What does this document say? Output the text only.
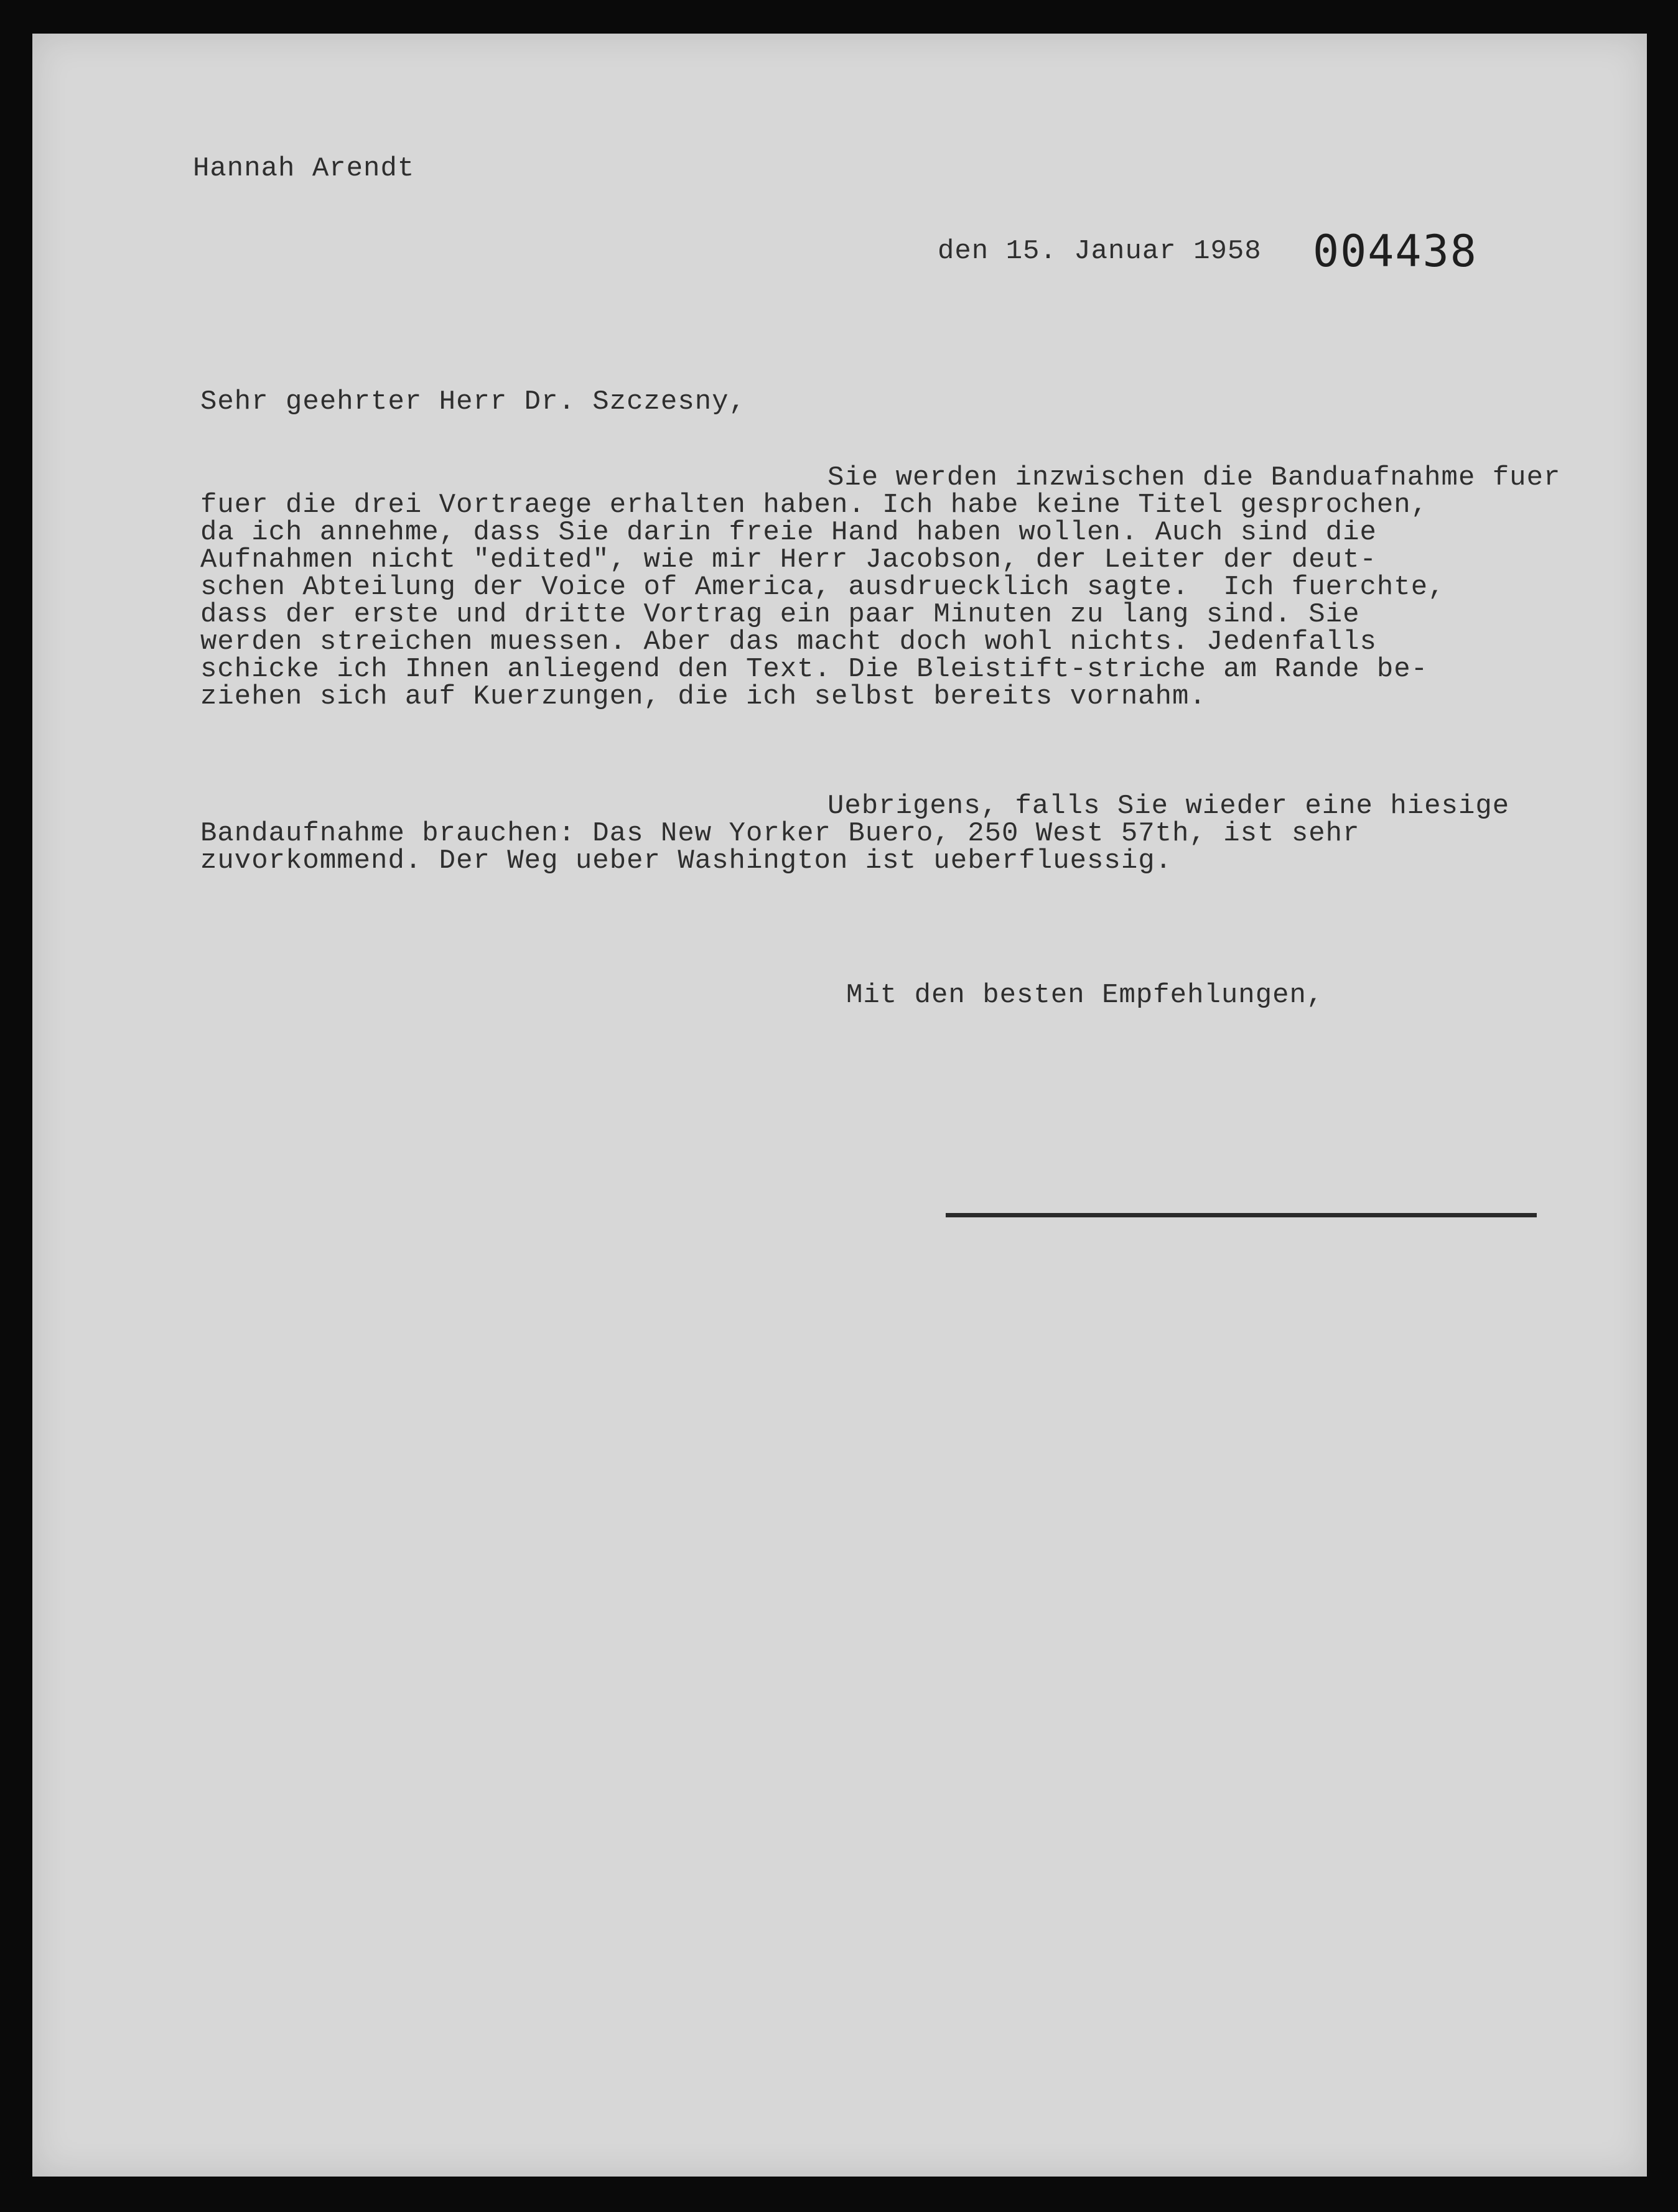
Hannah Arendt
den 15. Januar 1958 004438
Sehr geehrter Herr Dr. Szczesny,
Sie werden inzwischen die Banduafnahme fuer
fuer die drei Vortraege erhalten haben. Ich habe keine Titel gesprochen,
da ich annehme, dass Sie darin freie Hand haben wollen. Auch sind die
Aufnahmen nicht "edited", wie mir Herr Jacobson, der Leiter der deut-
schen Abteilung der Voice of America, ausdruecklich sagte.  Ich fuerchte,
dass der erste und dritte Vortrag ein paar Minuten zu lang sind. Sie
werden streichen muessen. Aber das macht doch wohl nichts. Jedenfalls
schicke ich Ihnen anliegend den Text. Die Bleistift-striche am Rande be-
ziehen sich auf Kuerzungen, die ich selbst bereits vornahm.
Uebrigens, falls Sie wieder eine hiesige
Bandaufnahme brauchen: Das New Yorker Buero, 250 West 57th, ist sehr
zuvorkommend. Der Weg ueber Washington ist ueberfluessig.
Mit den besten Empfehlungen,
